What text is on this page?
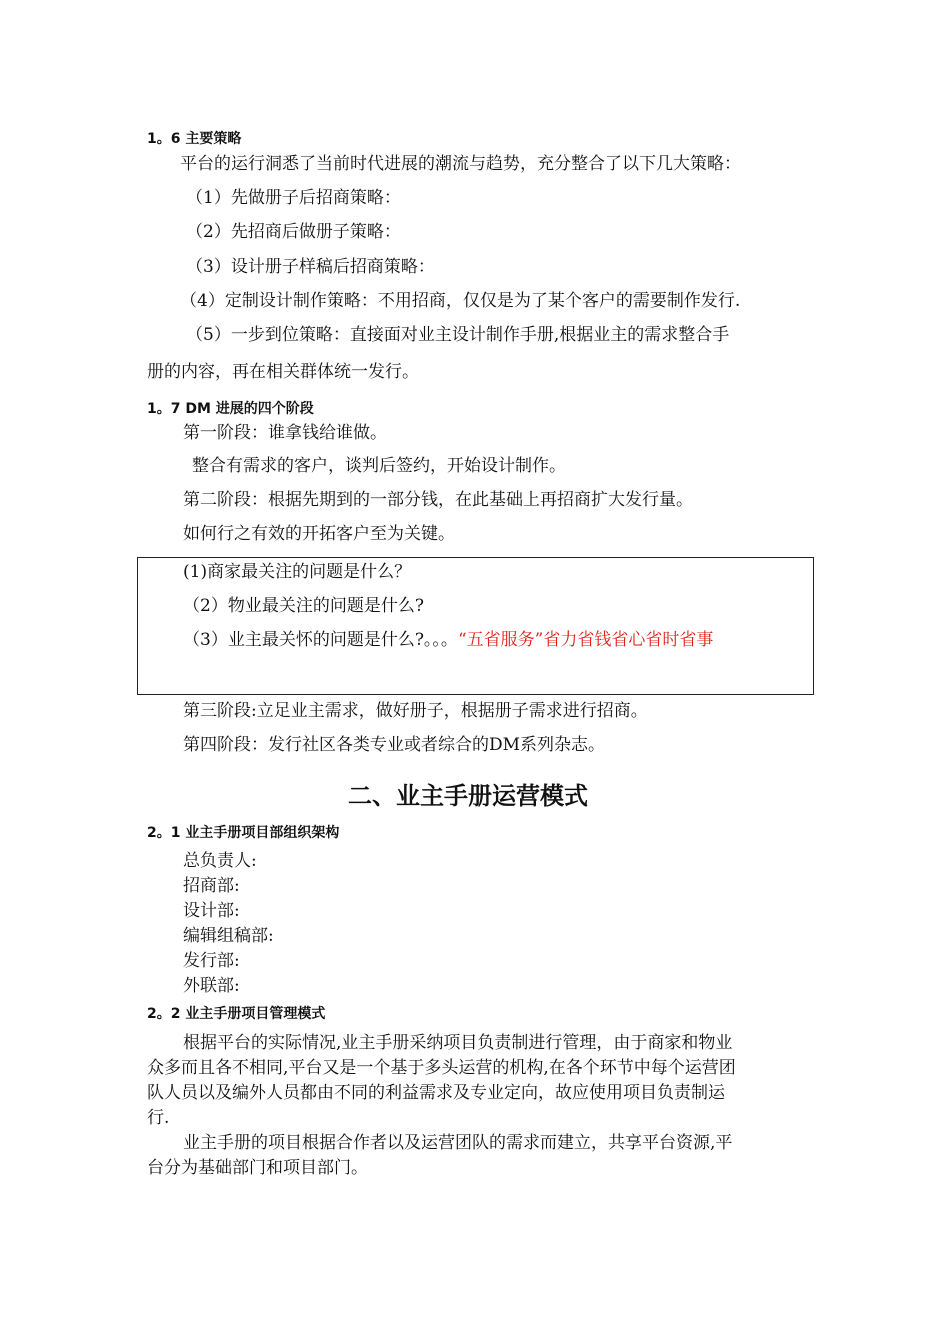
1。6 主要策略
平台的运行洞悉了当前时代进展的潮流与趋势，充分整合了以下几大策略：
（1）先做册子后招商策略：
（2）先招商后做册子策略：
（3）设计册子样稿后招商策略：
（4）定制设计制作策略：不用招商，仅仅是为了某个客户的需要制作发行.
（5）一步到位策略：直接面对业主设计制作手册,根据业主的需求整合手
册的内容，再在相关群体统一发行。
1。7 DM 进展的四个阶段
第一阶段：谁拿钱给谁做。
整合有需求的客户，谈判后签约，开始设计制作。
第二阶段：根据先期到的一部分钱，在此基础上再招商扩大发行量。
如何行之有效的开拓客户至为关键。
(1)商家最关注的问题是什么？
（2）物业最关注的问题是什么?
（3）业主最关怀的问题是什么?。。。“五省服务”省力省钱省心省时省事
第三阶段:立足业主需求，做好册子，根据册子需求进行招商。
第四阶段：发行社区各类专业或者综合的DM系列杂志。
二、业主手册运营模式
2。1 业主手册项目部组织架构
总负责人:
招商部:
设计部:
编辑组稿部:
发行部:
外联部:
2。2 业主手册项目管理模式
根据平台的实际情况,业主手册采纳项目负责制进行管理，由于商家和物业
众多而且各不相同,平台又是一个基于多头运营的机构,在各个环节中每个运营团
队人员以及编外人员都由不同的利益需求及专业定向，故应使用项目负责制运
行.
业主手册的项目根据合作者以及运营团队的需求而建立，共享平台资源,平
台分为基础部门和项目部门。
